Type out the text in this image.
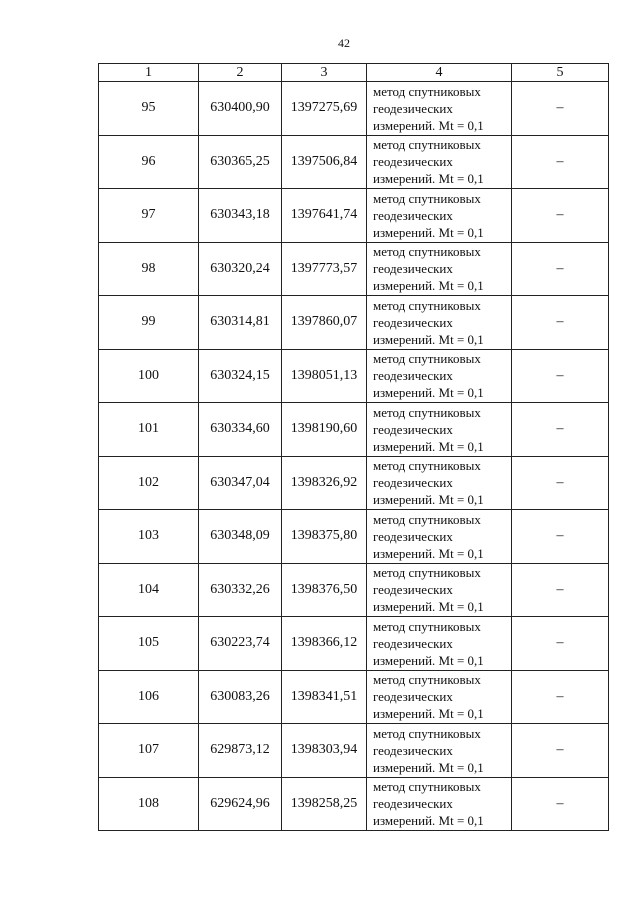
42
1	2	3	4	5
95	630400,90	1397275,69	метод спутниковых
геодезических
измерений. Mt = 0,1	–
96	630365,25	1397506,84	метод спутниковых
геодезических
измерений. Mt = 0,1	–
97	630343,18	1397641,74	метод спутниковых
геодезических
измерений. Mt = 0,1	–
98	630320,24	1397773,57	метод спутниковых
геодезических
измерений. Mt = 0,1	–
99	630314,81	1397860,07	метод спутниковых
геодезических
измерений. Mt = 0,1	–
100	630324,15	1398051,13	метод спутниковых
геодезических
измерений. Mt = 0,1	–
101	630334,60	1398190,60	метод спутниковых
геодезических
измерений. Mt = 0,1	–
102	630347,04	1398326,92	метод спутниковых
геодезических
измерений. Mt = 0,1	–
103	630348,09	1398375,80	метод спутниковых
геодезических
измерений. Mt = 0,1	–
104	630332,26	1398376,50	метод спутниковых
геодезических
измерений. Mt = 0,1	–
105	630223,74	1398366,12	метод спутниковых
геодезических
измерений. Mt = 0,1	–
106	630083,26	1398341,51	метод спутниковых
геодезических
измерений. Mt = 0,1	–
107	629873,12	1398303,94	метод спутниковых
геодезических
измерений. Mt = 0,1	–
108	629624,96	1398258,25	метод спутниковых
геодезических
измерений. Mt = 0,1	–
